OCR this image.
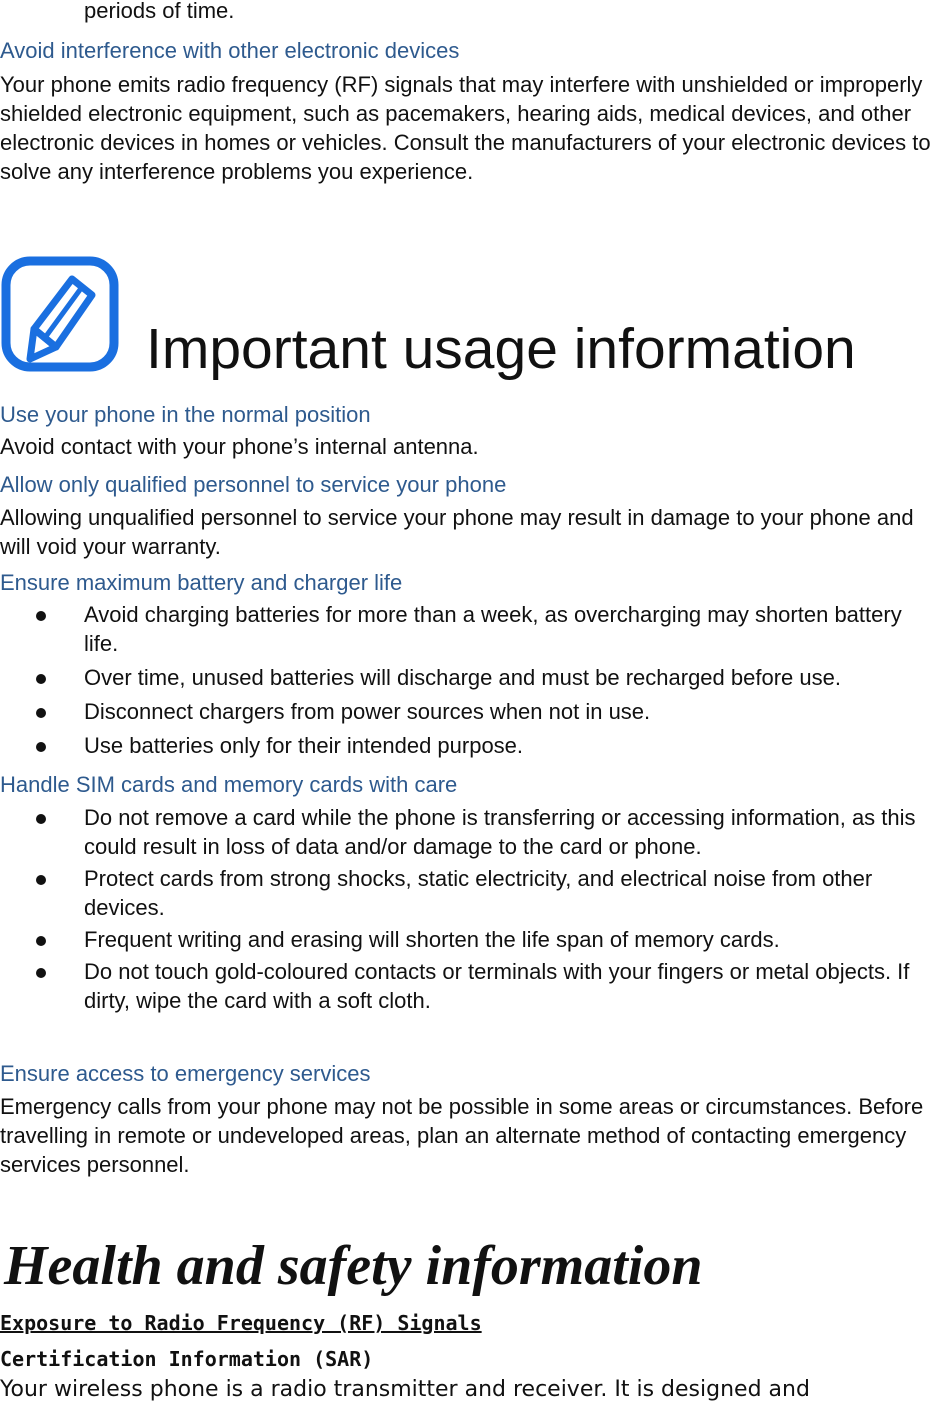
periods of time.
Avoid interference with other electronic devices
Your phone emits radio frequency (RF) signals that may interfere with unshielded or improperly shielded electronic equipment, such as pacemakers, hearing aids, medical devices, and other electronic devices in homes or vehicles. Consult the manufacturers of your electronic devices to solve any interference problems you experience.
Important usage information
Use your phone in the normal position
Avoid contact with your phone’s internal antenna.
Allow only qualified personnel to service your phone
Allowing unqualified personnel to service your phone may result in damage to your phone and will void your warranty.
Ensure maximum battery and charger life
Avoid charging batteries for more than a week, as overcharging may shorten battery life.
Over time, unused batteries will discharge and must be recharged before use.
Disconnect chargers from power sources when not in use.
Use batteries only for their intended purpose.
Handle SIM cards and memory cards with care
Do not remove a card while the phone is transferring or accessing information, as this could result in loss of data and/or damage to the card or phone.
Protect cards from strong shocks, static electricity, and electrical noise from other devices.
Frequent writing and erasing will shorten the life span of memory cards.
Do not touch gold-coloured contacts or terminals with your fingers or metal objects. If dirty, wipe the card with a soft cloth.
Ensure access to emergency services
Emergency calls from your phone may not be possible in some areas or circumstances. Before travelling in remote or undeveloped areas, plan an alternate method of contacting emergency services personnel.
Health and safety information
Exposure to Radio Frequency (RF) Signals
Certification Information (SAR)
Your wireless phone is a radio transmitter and receiver. It is designed and
